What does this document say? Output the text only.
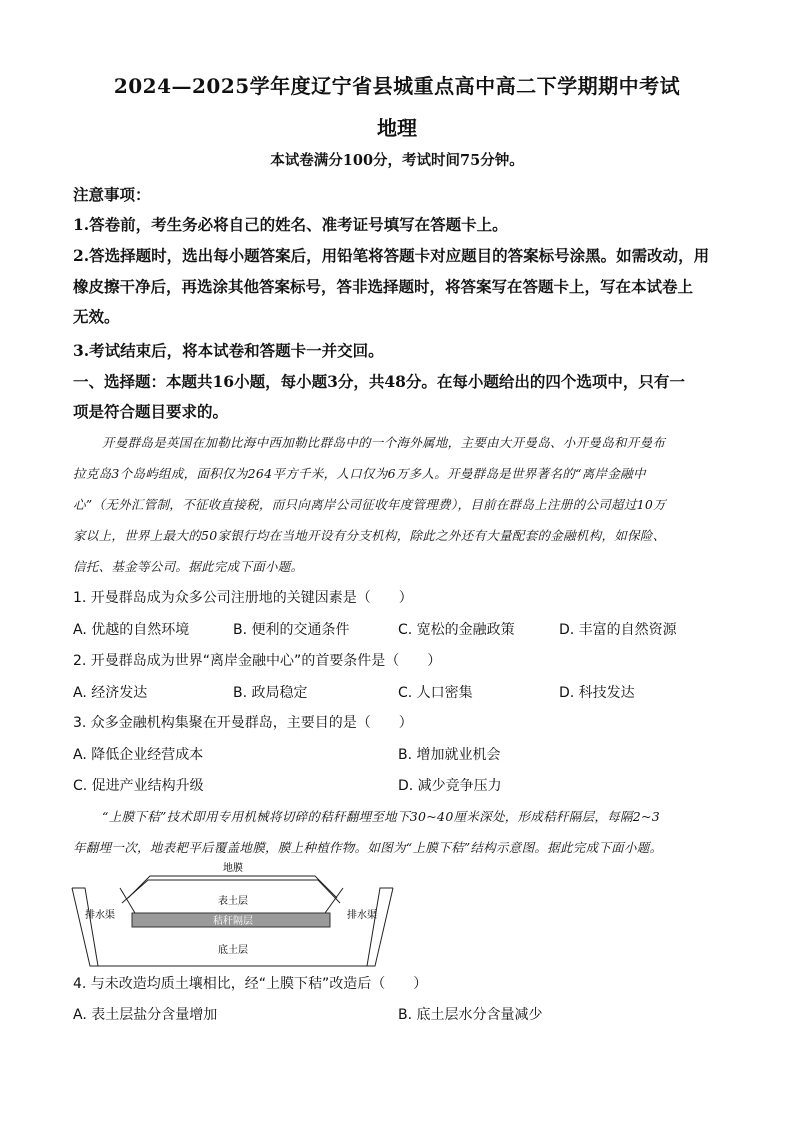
2024—2025学年度辽宁省县城重点高中高二下学期期中考试
地理
本试卷满分100分，考试时间75分钟。
注意事项：
1.答卷前，考生务必将自己的姓名、准考证号填写在答题卡上。
2.答选择题时，选出每小题答案后，用铅笔将答题卡对应题目的答案标号涂黑。如需改动，用
橡皮擦干净后，再选涂其他答案标号，答非选择题时，将答案写在答题卡上，写在本试卷上
无效。
3.考试结束后，将本试卷和答题卡一并交回。
一、选择题：本题共16小题，每小题3分，共48分。在每小题给出的四个选项中，只有一
项是符合题目要求的。
开曼群岛是英国在加勒比海中西加勒比群岛中的一个海外属地，主要由大开曼岛、小开曼岛和开曼布
拉克岛3个岛屿组成，面积仅为264平方千米，人口仅为6万多人。开曼群岛是世界著名的“离岸金融中
心”（无外汇管制，不征收直接税，而只向离岸公司征收年度管理费），目前在群岛上注册的公司超过10万
家以上，世界上最大的50家银行均在当地开设有分支机构，除此之外还有大量配套的金融机构，如保险、
信托、基金等公司。据此完成下面小题。
1. 开曼群岛成为众多公司注册地的关键因素是（　　）
A. 优越的自然环境	B. 便利的交通条件	C. 宽松的金融政策	D. 丰富的自然资源
2. 开曼群岛成为世界“离岸金融中心”的首要条件是（　　）
A. 经济发达	B. 政局稳定	C. 人口密集	D. 科技发达
3. 众多金融机构集聚在开曼群岛，主要目的是（　　）
A. 降低企业经营成本	B. 增加就业机会
C. 促进产业结构升级	D. 减少竞争压力
“上膜下秸”技术即用专用机械将切碎的秸秆翻埋至地下30~40厘米深处，形成秸秆隔层，每隔2~3
年翻埋一次，地表耙平后覆盖地膜，膜上种植作物。如图为“上膜下秸”结构示意图。据此完成下面小题。
地膜
表土层
秸秆隔层
底土层
排水渠	排水渠
4. 与未改造均质土壤相比，经“上膜下秸”改造后（　　）
A. 表土层盐分含量增加	B. 底土层水分含量减少
